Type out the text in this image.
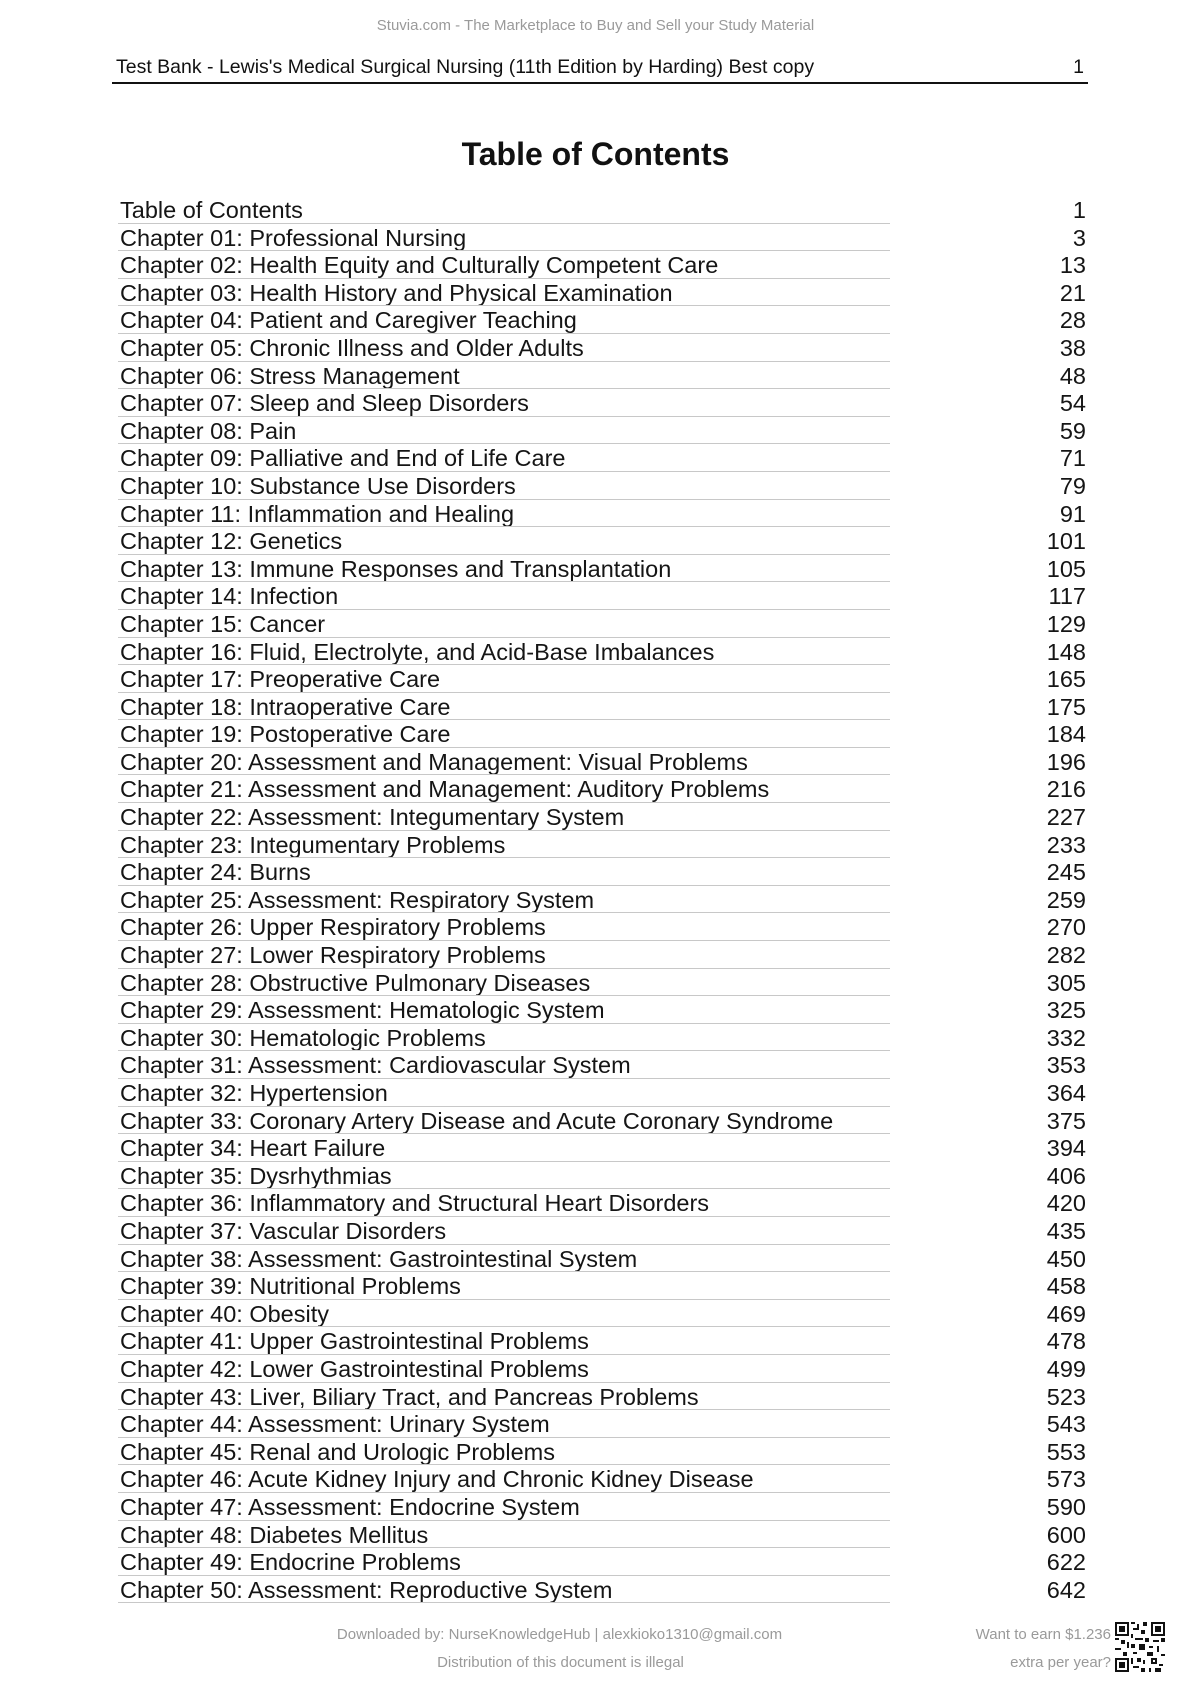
Stuvia.com - The Marketplace to Buy and Sell your Study Material
Test Bank - Lewis's Medical Surgical Nursing (11th Edition by Harding) Best copy	1
Table of Contents
Table of Contents	1
Chapter 01: Professional Nursing	3
Chapter 02: Health Equity and Culturally Competent Care	13
Chapter 03: Health History and Physical Examination	21
Chapter 04: Patient and Caregiver Teaching	28
Chapter 05: Chronic Illness and Older Adults	38
Chapter 06: Stress Management	48
Chapter 07: Sleep and Sleep Disorders	54
Chapter 08: Pain	59
Chapter 09: Palliative and End of Life Care	71
Chapter 10: Substance Use Disorders	79
Chapter 11: Inflammation and Healing	91
Chapter 12: Genetics	101
Chapter 13: Immune Responses and Transplantation	105
Chapter 14: Infection	117
Chapter 15: Cancer	129
Chapter 16: Fluid, Electrolyte, and Acid-Base Imbalances	148
Chapter 17: Preoperative Care	165
Chapter 18: Intraoperative Care	175
Chapter 19: Postoperative Care	184
Chapter 20: Assessment and Management: Visual Problems	196
Chapter 21: Assessment and Management: Auditory Problems	216
Chapter 22: Assessment: Integumentary System	227
Chapter 23: Integumentary Problems	233
Chapter 24: Burns	245
Chapter 25: Assessment: Respiratory System	259
Chapter 26: Upper Respiratory Problems	270
Chapter 27: Lower Respiratory Problems	282
Chapter 28: Obstructive Pulmonary Diseases	305
Chapter 29: Assessment: Hematologic System	325
Chapter 30: Hematologic Problems	332
Chapter 31: Assessment: Cardiovascular System	353
Chapter 32: Hypertension	364
Chapter 33: Coronary Artery Disease and Acute Coronary Syndrome	375
Chapter 34: Heart Failure	394
Chapter 35: Dysrhythmias	406
Chapter 36: Inflammatory and Structural Heart Disorders	420
Chapter 37: Vascular Disorders	435
Chapter 38: Assessment: Gastrointestinal System	450
Chapter 39: Nutritional Problems	458
Chapter 40: Obesity	469
Chapter 41: Upper Gastrointestinal Problems	478
Chapter 42: Lower Gastrointestinal Problems	499
Chapter 43: Liver, Biliary Tract, and Pancreas Problems	523
Chapter 44: Assessment: Urinary System	543
Chapter 45: Renal and Urologic Problems	553
Chapter 46: Acute Kidney Injury and Chronic Kidney Disease	573
Chapter 47: Assessment: Endocrine System	590
Chapter 48: Diabetes Mellitus	600
Chapter 49: Endocrine Problems	622
Chapter 50: Assessment: Reproductive System	642
Downloaded by: NurseKnowledgeHub | alexkioko1310@gmail.com
Distribution of this document is illegal
Want to earn $1.236
extra per year?
